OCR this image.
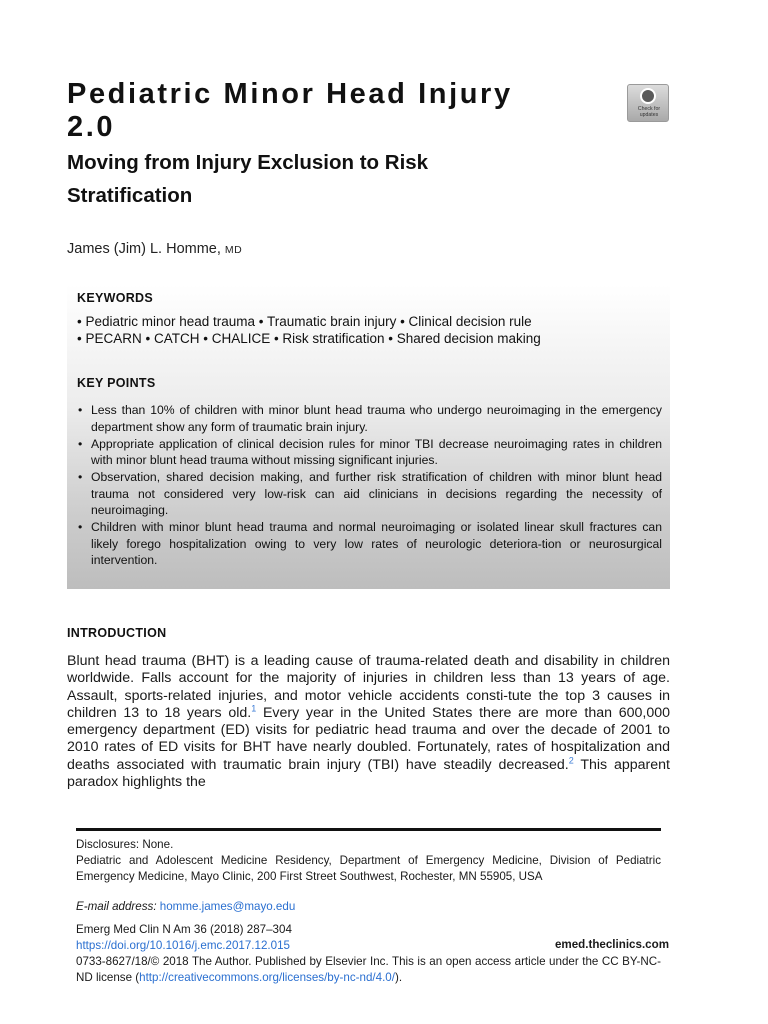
Pediatric Minor Head Injury 2.0
Moving from Injury Exclusion to Risk Stratification
Check for
updates
James (Jim) L. Homme, MD
KEYWORDS
• Pediatric minor head trauma • Traumatic brain injury • Clinical decision rule
• PECARN • CATCH • CHALICE • Risk stratification • Shared decision making
KEY POINTS
• Less than 10% of children with minor blunt head trauma who undergo neuroimaging in the emergency department show any form of traumatic brain injury.
• Appropriate application of clinical decision rules for minor TBI decrease neuroimaging rates in children with minor blunt head trauma without missing significant injuries.
• Observation, shared decision making, and further risk stratification of children with minor blunt head trauma not considered very low-risk can aid clinicians in decisions regarding the necessity of neuroimaging.
• Children with minor blunt head trauma and normal neuroimaging or isolated linear skull fractures can likely forego hospitalization owing to very low rates of neurologic deteriora-tion or neurosurgical intervention.
INTRODUCTION

Blunt head trauma (BHT) is a leading cause of trauma-related death and disability in children worldwide. Falls account for the majority of injuries in children less than 13 years of age. Assault, sports-related injuries, and motor vehicle accidents consti-tute the top 3 causes in children 13 to 18 years old.$^1$ Every year in the United States there are more than 600,000 emergency department (ED) visits for pediatric head trauma and over the decade of 2001 to 2010 rates of ED visits for BHT have nearly doubled. Fortunately, rates of hospitalization and deaths associated with traumatic brain injury (TBI) have steadily decreased.$^2$ This apparent paradox highlights the

Disclosures: None.
Pediatric and Adolescent Medicine Residency, Department of Emergency Medicine, Division of Pediatric Emergency Medicine, Mayo Clinic, 200 First Street Southwest, Rochester, MN 55905, USA
E-mail address: homme.james@mayo.edu
Emerg Med Clin N Am 36 (2018) 287–304
https://doi.org/10.1016/j.emc.2017.12.015	emed.theclinics.com
0733-8627/18/© 2018 The Author. Published by Elsevier Inc. This is an open access article under the CC BY-NC-ND license (http://creativecommons.org/licenses/by-nc-nd/4.0/).
